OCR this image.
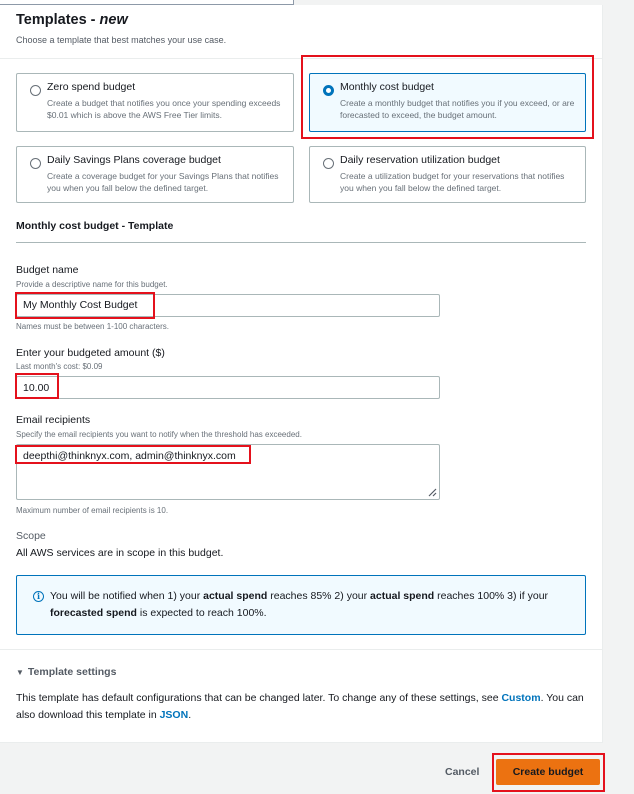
Templates - new
Choose a template that best matches your use case.
Zero spend budget
Create a budget that notifies you once your spending exceeds $0.01 which is above the AWS Free Tier limits.
Monthly cost budget
Create a monthly budget that notifies you if you exceed, or are forecasted to exceed, the budget amount.
Daily Savings Plans coverage budget
Create a coverage budget for your Savings Plans that notifies you when you fall below the defined target.
Daily reservation utilization budget
Create a utilization budget for your reservations that notifies you when you fall below the defined target.
Monthly cost budget - Template
Budget name
Provide a descriptive name for this budget.
My Monthly Cost Budget
Names must be between 1-100 characters.
Enter your budgeted amount ($)
Last month's cost: $0.09
10.00
Email recipients
Specify the email recipients you want to notify when the threshold has exceeded.
deepthi@thinknyx.com, admin@thinknyx.com
Maximum number of email recipients is 10.
Scope
All AWS services are in scope in this budget.
i You will be notified when 1) your actual spend reaches 85% 2) your actual spend reaches 100% 3) if your forecasted spend is expected to reach 100%.
▼ Template settings
This template has default configurations that can be changed later. To change any of these settings, see Custom. You can also download this template in JSON.
Cancel	Create budget
